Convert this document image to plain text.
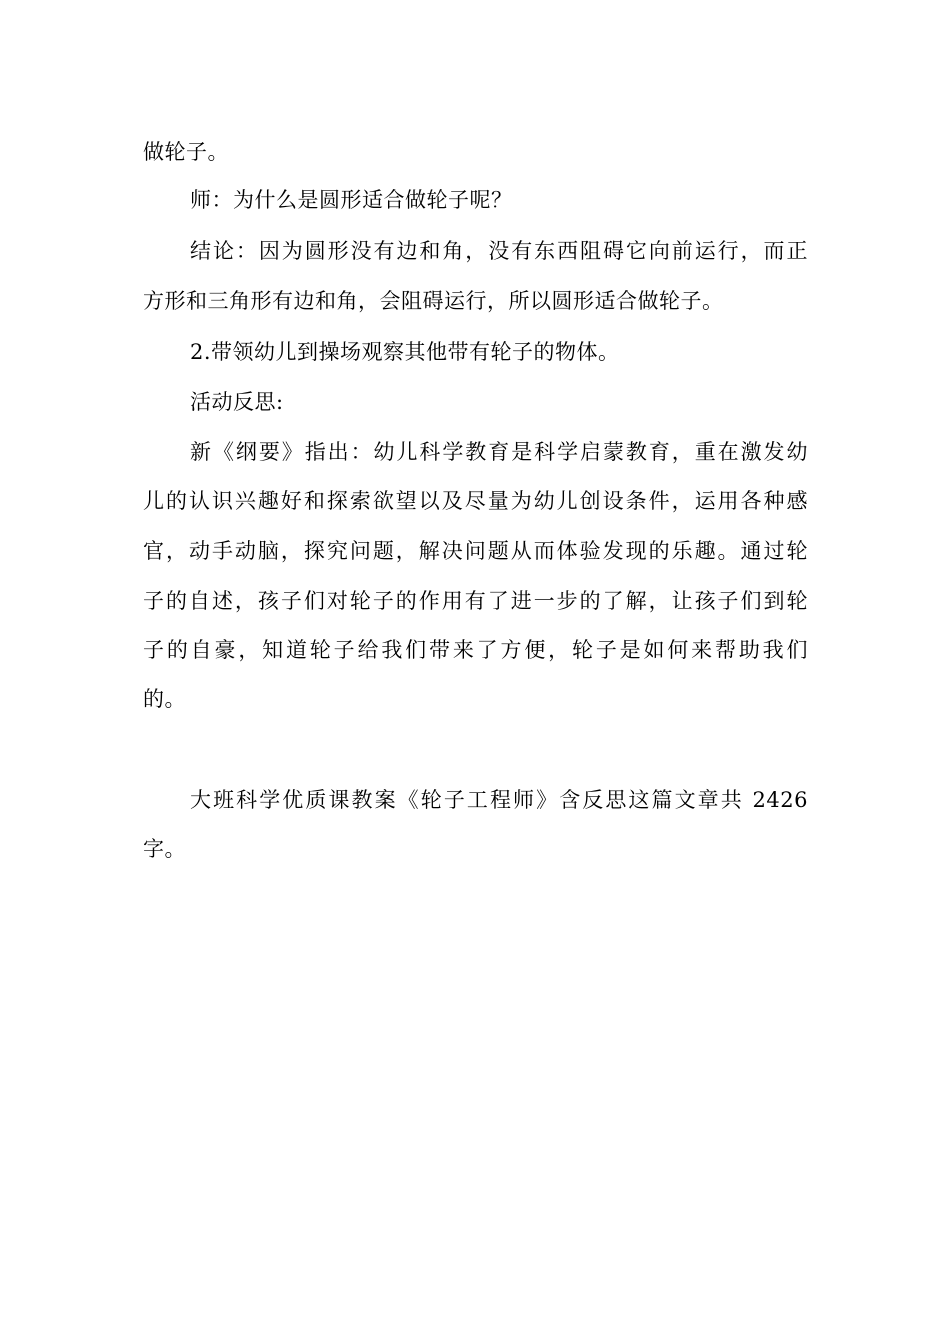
做轮子。
师：为什么是圆形适合做轮子呢？
结论：因为圆形没有边和角，没有东西阻碍它向前运行，而正
方形和三角形有边和角，会阻碍运行，所以圆形适合做轮子。
2.带领幼儿到操场观察其他带有轮子的物体。
活动反思:
新《纲要》指出：幼儿科学教育是科学启蒙教育，重在激发幼
儿的认识兴趣好和探索欲望以及尽量为幼儿创设条件，运用各种感
官，动手动脑，探究问题，解决问题从而体验发现的乐趣。通过轮
子的自述，孩子们对轮子的作用有了进一步的了解，让孩子们到轮
子的自豪，知道轮子给我们带来了方便，轮子是如何来帮助我们
的。
大班科学优质课教案《轮子工程师》含反思这篇文章共 2426
字。
